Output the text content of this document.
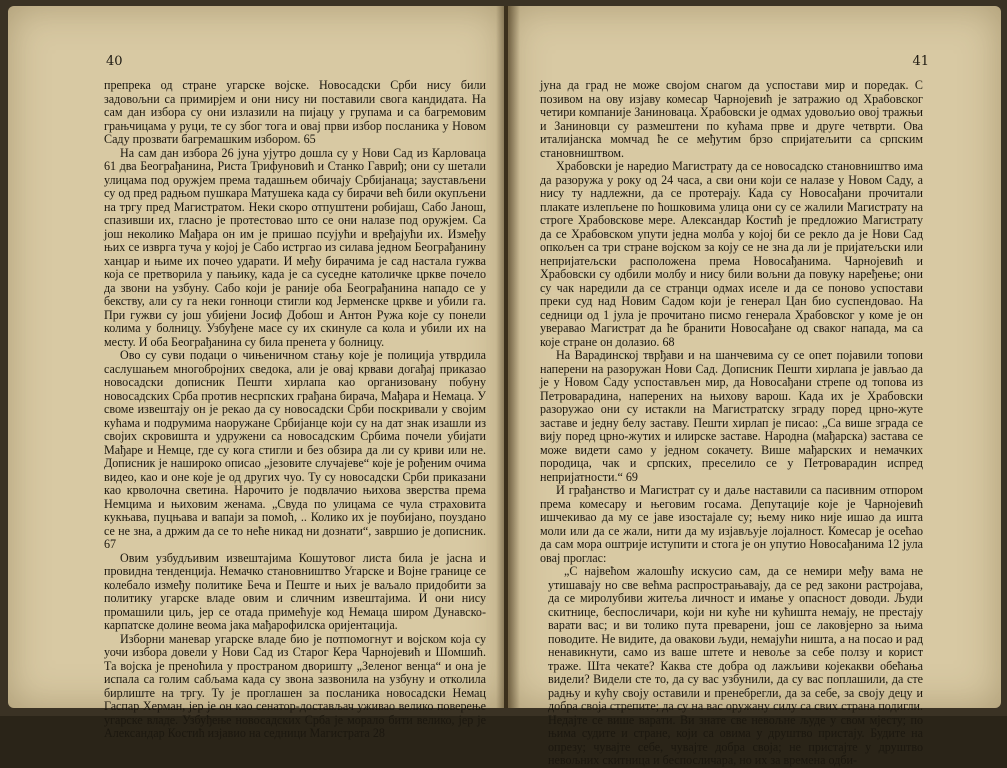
40

препрека од стране угарске војске. Новосадски Срби нису били задовољни са примирјем и они нису ни поставили свога кандидата. На сам дан избора су они излазили на пијацу у групама и са багремовим грањчицама у руци, те су због тога и овај први избор посланика у Новом Саду прозвати багремашким избором. 65

На сам дан избора 26 јуна ујутро дошла су у Нови Сад из Карловаца 61 два Београђанина, Риста Трифуновић и Станко Гавриђ; они су шетали улицама под оружјем према тадашњем обичају Србијанаца; заустављени су од пред радњом пушкара Матушека када су бирачи већ били окупљени на тргу пред Магистратом. Неки скоро отпуштени робијаш, Сабо Јанош, спазивши их, гласно је протестовао што се они налазе под оружјем. Са још неколико Мађара он им је пришао псујући и вређајући их. Између њих се изврга туча у којој је Сабо истргао из силава једном Београђанину ханџар и њиме их почео ударати. И међу бирачима је сад настала гужва која се претворила у пањику, када је са суседне католичке цркве почело да звони на узбуну. Сабо који је раније оба Београђанина нападо се у бекству, али су га неки гонноци стигли код Јерменске цркве и убили га. При гужви су још убијени Јосиф Добош и Антон Ружа које су понели колима у болницу. Узбуђене масе су их скинуле са кола и убили их на месту. И оба Београђанина су била пренета у болницу.

Ово су суви подаци о чињеничном стању које је полиција утврдила саслушањем многобројних сведока, али је овај крвави догађај приказао новосадски дописник Пешти хирлапа као организовану побуну новосадских Срба против несрпских грађана бирача, Мађара и Немаца. У своме извештају он је рекао да су новосадски Срби поскривали у својим кућама и подрумима наоружане Србијанце који су на дат знак изашли из својих скровишта и удружени са новосадским Србима почели убијати Мађаре и Немце, где су кога стигли и без обзира да ли су криви или не. Дописник је нашироко описао „језовите случајеве“ које је рођеним очима видео, као и оне које је од других чуо. Ту су новосадски Срби приказани као крволочна светина. Нарочито је подвлачио њихова зверства према Немцима и њиховим женама. „Свуда по улицама се чула страховита кукњава, пуцњава и вапаји за помоћ, .. Колико их је поубијано, поуздано се не зна, а држим да се то неће никад ни дознати“, завршио је дописник. 67

Овим узбудљивим извештајима Кошутовог листа била је јасна и провидна тенденција. Немачко становништво Угарске и Војне границе се колебало између политике Беча и Пеште и њих је ваљало придобити за политику угарске владе овим и сличним извештајима. И они нису промашили циљ, јер се отада примећује код Немаца широм Дунавско-карпатске долине веома јака мађарофилска оријентација.

Изборни маневар угарске владе био је потпомогнут и војском која су уочи избора довели у Нови Сад из Старог Кера Чарнојевић и Шомшић. Та војска је пренoћила у пространом дворишту „Зеленог венца“ и она је испала са голим сабљама када су звона зазвонила на узбуну и отколила бирлиште на тргу. Ту је проглашен за посланика новосадски Немац Гаспар Херман, јер је он као сенатор-достављач уживао велико поверење угарске владе. Узбуђење новосадских Срба је морало бити велико, јер је Александар Костић изјавио на седници Магистрата 28

41

јуна да град не може својом снагом да успостави мир и поредак. С позивом на ову изјаву комесар Чарнојевић је затражио од Храбовског четири компаније Заниноваца. Храбовски је одмах удовољио овој тражњи и Заниновци су размештени по кућама прве и друге четврти. Ова италијанска момчад ће се међутим брзо спријатељити са српским становништвом.

Храбовски је наредио Магистрату да се новосадско становништво има да разоружа у року од 24 часа, а сви они који се налазе у Новом Саду, а нису ту надлежни, да се протерају. Када су Новосађани прочитали плакате излепљене по ћошковима улица они су се жалили Магистрату на строге Храбовскове мере. Александар Костић је предложио Магистрату да се Храбовском упути једна молба у којој би се рекло да је Нови Сад опкољен са три стране војском за коју се не зна да ли је пријатељски или непријатељски расположена према Новосађанима. Чарнојевић и Храбовски су одбили молбу и нису били вољни да повуку наређење; они су чак наредили да се странци одмах иселе и да се поново успостави преки суд над Новим Садом који је генерал Цан био суспендовао. На седници од 1 јула је прочитано писмо генерала Храбовског у коме је он уверавао Магистрат да ће бранити Новосађане од сваког напада, ма са које стране он долазио. 68

На Варадинској тврђави и на шанчевима су се опет појавили топови наперени на разоружан Нови Сад. Дописник Пешти хирлапа је јављао да је у Новом Саду успостављен мир, да Новосађани стрепе од топова из Петроварадина, наперених на њихову варош. Када их је Храбовски разоружао они су истакли на Магистратску зграду поред црно-жуте заставе и једну белу заставу. Пешти хирлап је писао: „Са више зграда се вију поред црно-жутих и илирске заставе. Народна (мађарска) застава се може видети само у једном сокачету. Више мађарских и немачких породица, чак и српских, преселило се у Петроварадин испред непријатности.“ 69

И грађанство и Магистрат су и даље наставили са пасивним отпором према комесару и његовим госама. Депутације које је Чарнојевић ишчекивао да му се јаве изостајале су; њему нико није ишао да ишта моли или да се жали, нити да му изјављује лојалност. Комесар је осећао да сам мора оштрије иступити и стога је он упутио Новосађанима 12 јула овај проглас:

„С највећом жалошћу искусио сам, да се немири међу вама не утишавају но све већма распрострањавају, да се ред закони растројава, да се миролубиви житеља личност и имање у опасност доводи. Људи скитнице, беспосличари, који ни куће ни кућишта немају, не престају варати вас; и ви толико пута преварени, још се лаковјерно за њима поводите. Не видите, да овакови људи, немајући ништа, а на посао и рад ненавикнути, само из ваше штете и невоље за себе ползу и корист траже. Шта чекате? Каква сте добра од лажљиви којекакви обећања видели? Видели сте то, да су вас узбунили, да су вас поплашили, да сте радњу и кућу своју оставили и пренебрегли, да за себе, за своју децу и добра своја стрепите; да су на вас оружану силу са свих страна подигли. Недајте се више варати. Ви знате све невољне људе у свом мјесту; по њима судите и стране, који са овима у друштво пристају. Будите на опрезу; чувајте себе, чувајте добра своја; не пристајте у друштво невољних скитница и беспосличара, но их за времена одби-
